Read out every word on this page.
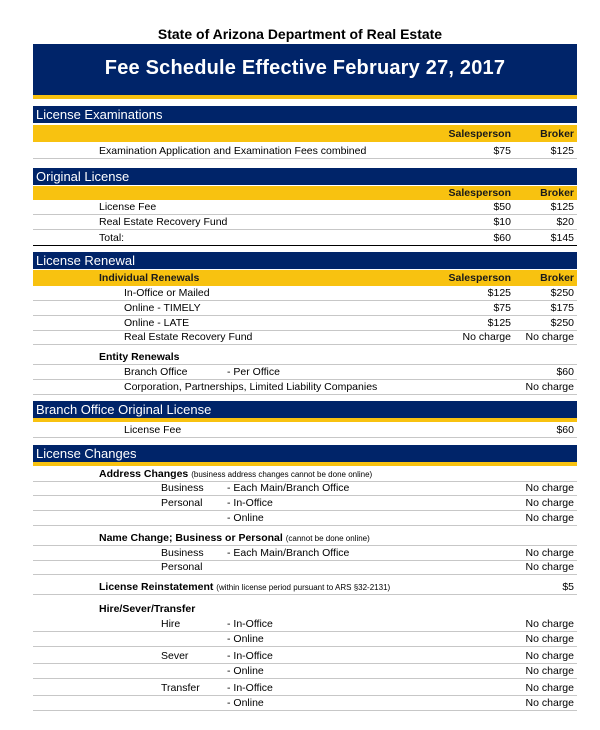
State of Arizona Department of Real Estate
Fee Schedule Effective February 27, 2017
License Examinations
Salesperson	Broker
Examination Application and Examination Fees combined	$75	$125
Original License
Salesperson	Broker
License Fee	$50	$125
Real Estate Recovery Fund	$10	$20
Total:	$60	$145
License Renewal
Individual Renewals	Salesperson	Broker
In-Office or Mailed	$125	$250
Online - TIMELY	$75	$175
Online - LATE	$125	$250
Real Estate Recovery Fund	No charge No charge
Entity Renewals
Branch Office	- Per Office	$60
Corporation, Partnerships, Limited Liability Companies	No charge
Branch Office Original License
License Fee	$60
License Changes
Address Changes (business address changes cannot be done online)
Business - Each Main/Branch Office	No charge
Personal - In-Office	No charge
- Online	No charge
Name Change; Business or Personal (cannot be done online)
Business - Each Main/Branch Office	No charge
Personal	No charge
License Reinstatement (within license period pursuant to ARS §32-2131)	$5
Hire/Sever/Transfer
Hire	- In-Office	No charge
- Online	No charge
Sever	- In-Office	No charge
- Online	No charge
Transfer	- In-Office	No charge
- Online	No charge
